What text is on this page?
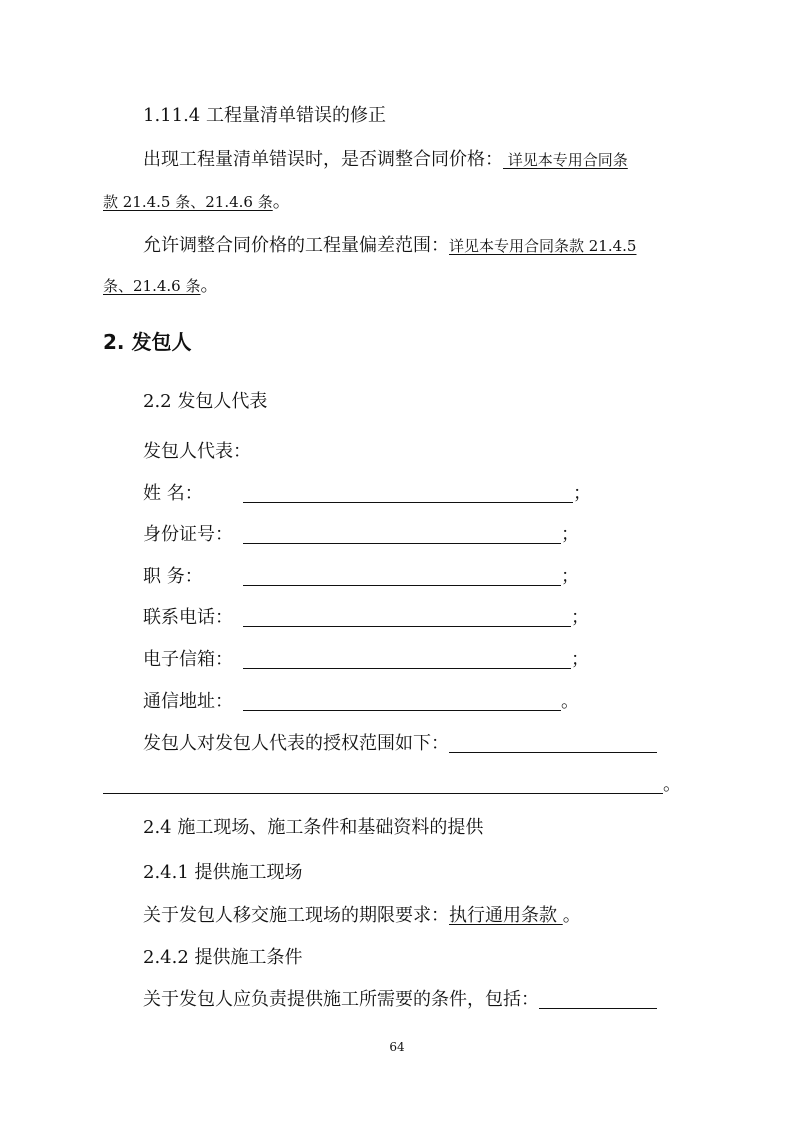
1.11.4 工程量清单错误的修正
出现工程量清单错误时，是否调整合同价格： 详见本专用合同条
款 21.4.5 条、21.4.6 条。
允许调整合同价格的工程量偏差范围：详见本专用合同条款 21.4.5
条、21.4.6 条。
2. 发包人
2.2 发包人代表
发包人代表：
姓 名：	；
身份证号：	；
职 务：	；
联系电话：	；
电子信箱：	；
通信地址：	。
发包人对发包人代表的授权范围如下：
。
2.4 施工现场、施工条件和基础资料的提供
2.4.1 提供施工现场
关于发包人移交施工现场的期限要求：执行通用条款 。
2.4.2 提供施工条件
关于发包人应负责提供施工所需要的条件，包括：
64
